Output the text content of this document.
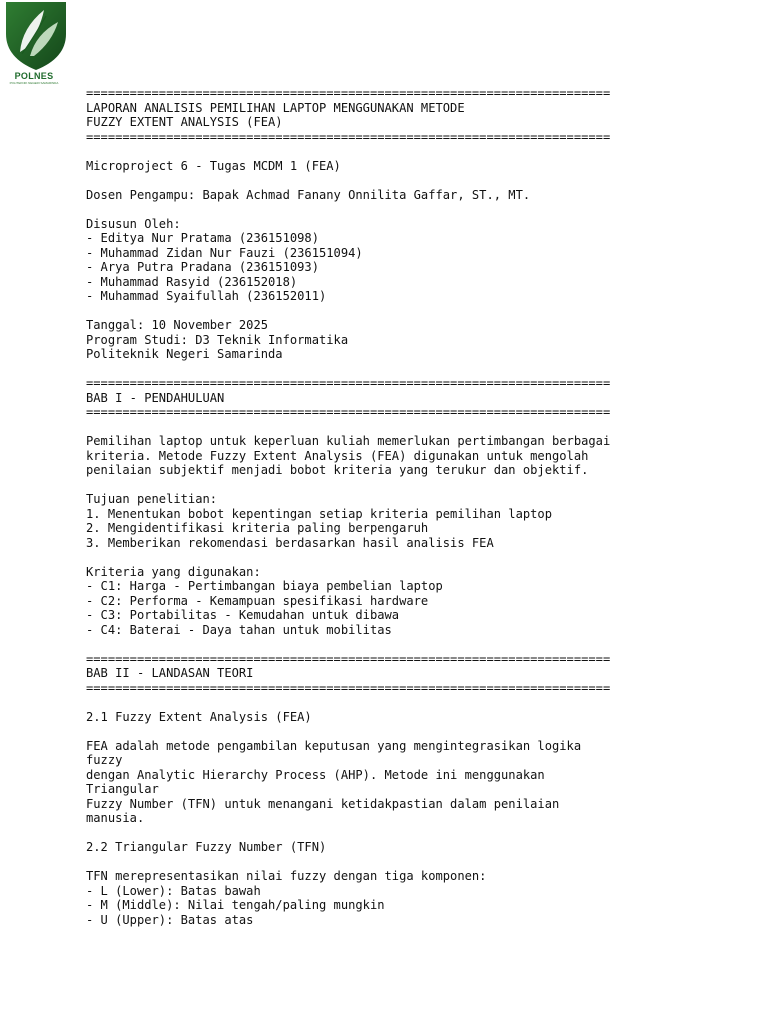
POLNES
POLITEKNIK NEGERI SAMARINDA
========================================================================
LAPORAN ANALISIS PEMILIHAN LAPTOP MENGGUNAKAN METODE
FUZZY EXTENT ANALYSIS (FEA)
========================================================================
Microproject 6 - Tugas MCDM 1 (FEA)
Dosen Pengampu: Bapak Achmad Fanany Onnilita Gaffar, ST., MT.
Disusun Oleh:
- Editya Nur Pratama (236151098)
- Muhammad Zidan Nur Fauzi (236151094)
- Arya Putra Pradana (236151093)
- Muhammad Rasyid (236152018)
- Muhammad Syaifullah (236152011)
Tanggal: 10 November 2025
Program Studi: D3 Teknik Informatika
Politeknik Negeri Samarinda
========================================================================
BAB I - PENDAHULUAN
========================================================================
Pemilihan laptop untuk keperluan kuliah memerlukan pertimbangan berbagai
kriteria. Metode Fuzzy Extent Analysis (FEA) digunakan untuk mengolah
penilaian subjektif menjadi bobot kriteria yang terukur dan objektif.
Tujuan penelitian:
1. Menentukan bobot kepentingan setiap kriteria pemilihan laptop
2. Mengidentifikasi kriteria paling berpengaruh
3. Memberikan rekomendasi berdasarkan hasil analisis FEA
Kriteria yang digunakan:
- C1: Harga - Pertimbangan biaya pembelian laptop
- C2: Performa - Kemampuan spesifikasi hardware
- C3: Portabilitas - Kemudahan untuk dibawa
- C4: Baterai - Daya tahan untuk mobilitas
========================================================================
BAB II - LANDASAN TEORI
========================================================================
2.1 Fuzzy Extent Analysis (FEA)
FEA adalah metode pengambilan keputusan yang mengintegrasikan logika
fuzzy
dengan Analytic Hierarchy Process (AHP). Metode ini menggunakan
Triangular
Fuzzy Number (TFN) untuk menangani ketidakpastian dalam penilaian
manusia.
2.2 Triangular Fuzzy Number (TFN)
TFN merepresentasikan nilai fuzzy dengan tiga komponen:
- L (Lower): Batas bawah
- M (Middle): Nilai tengah/paling mungkin
- U (Upper): Batas atas
